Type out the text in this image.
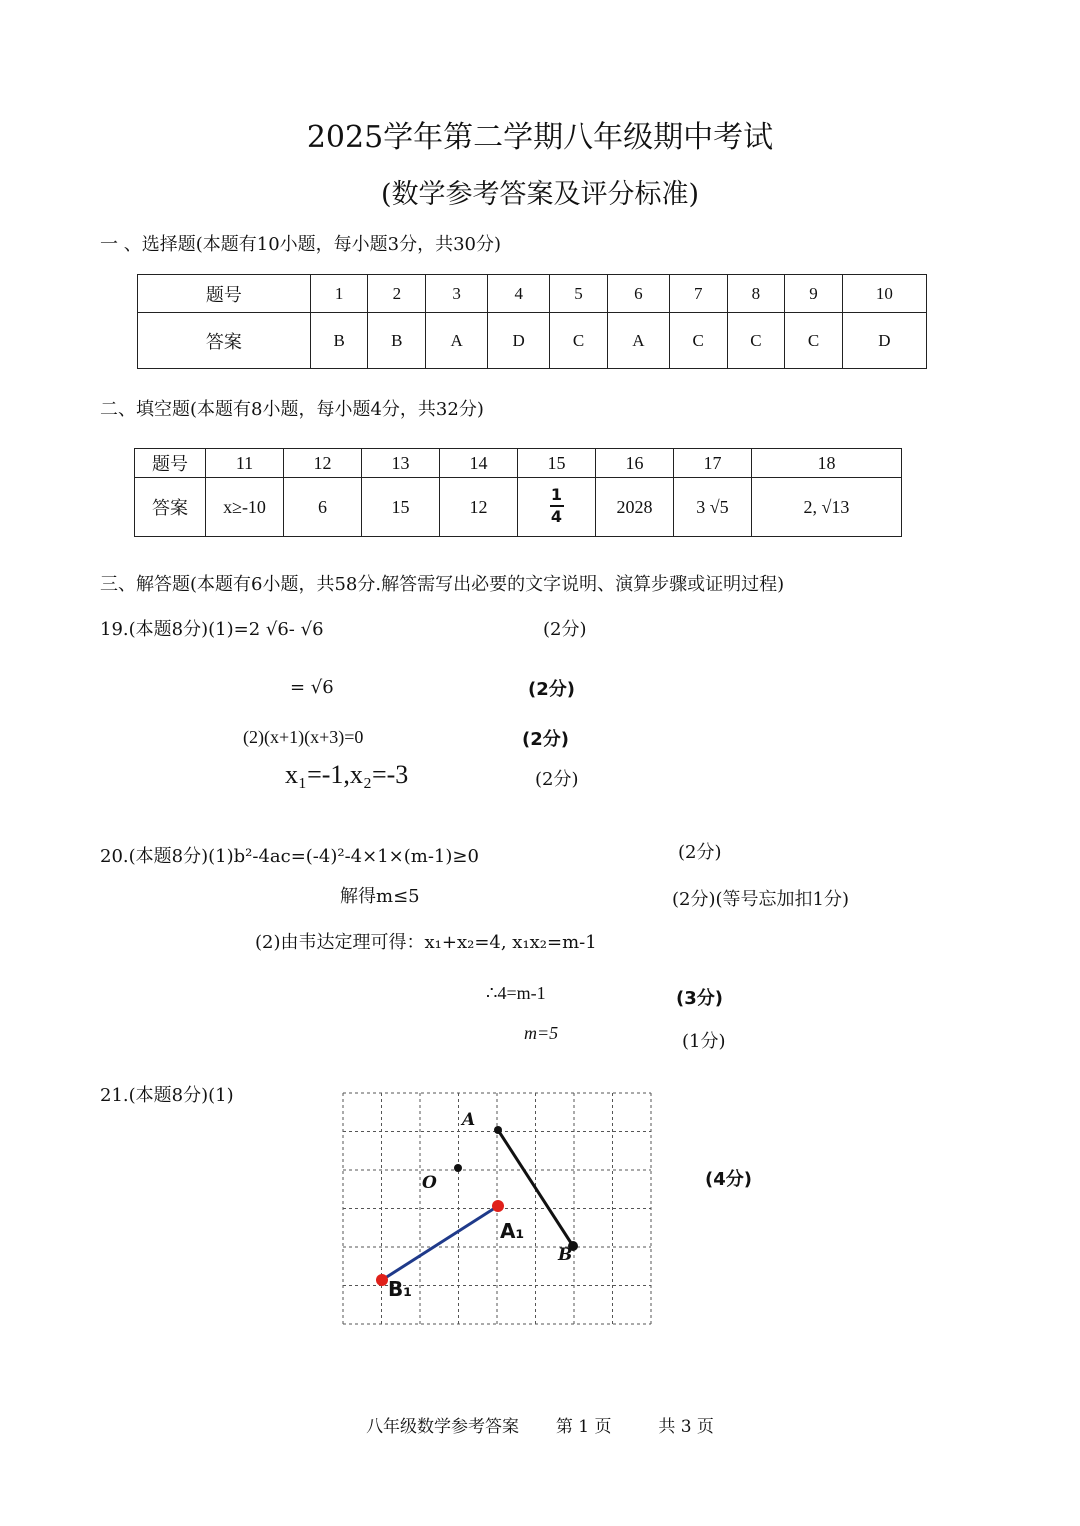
2025学年第二学期八年级期中考试
(数学参考答案及评分标准)
一 、选择题(本题有10小题，每小题3分，共30分)
题号	1	2	3	4	5	6	7	8	9	10
答案	B	B	A	D	C	A	C	C	C	D
二、填空题(本题有8小题，每小题4分，共32分)
题号	11	12	13	14	15	16	17	18
答案	x≥-10	6	15	12	$\frac{1}{4}$	2028	3 √5	2, √13
三、解答题(本题有6小题，共58分.解答需写出必要的文字说明、演算步骤或证明过程)
19.(本题8分)(1)=2 √6- √6	(2分)
= √6	(2分)
(2)(x+1)(x+3)=0	(2分)
x₁=-1,x₂=-3	(2分)
20.(本题8分)(1)b²-4ac=(-4)²-4×1×(m-1)≥0	(2分)
解得m≤5	(2分)(等号忘加扣1分)
(2)由韦达定理可得：x₁+x₂=4, x₁x₂=m-1
∴4=m-1	(3分)
m=5	(1分)
21.(本题8分)(1)
(4分)
A
B
O
A₁
B₁
八年级数学参考答案 第 1 页	共 3 页
